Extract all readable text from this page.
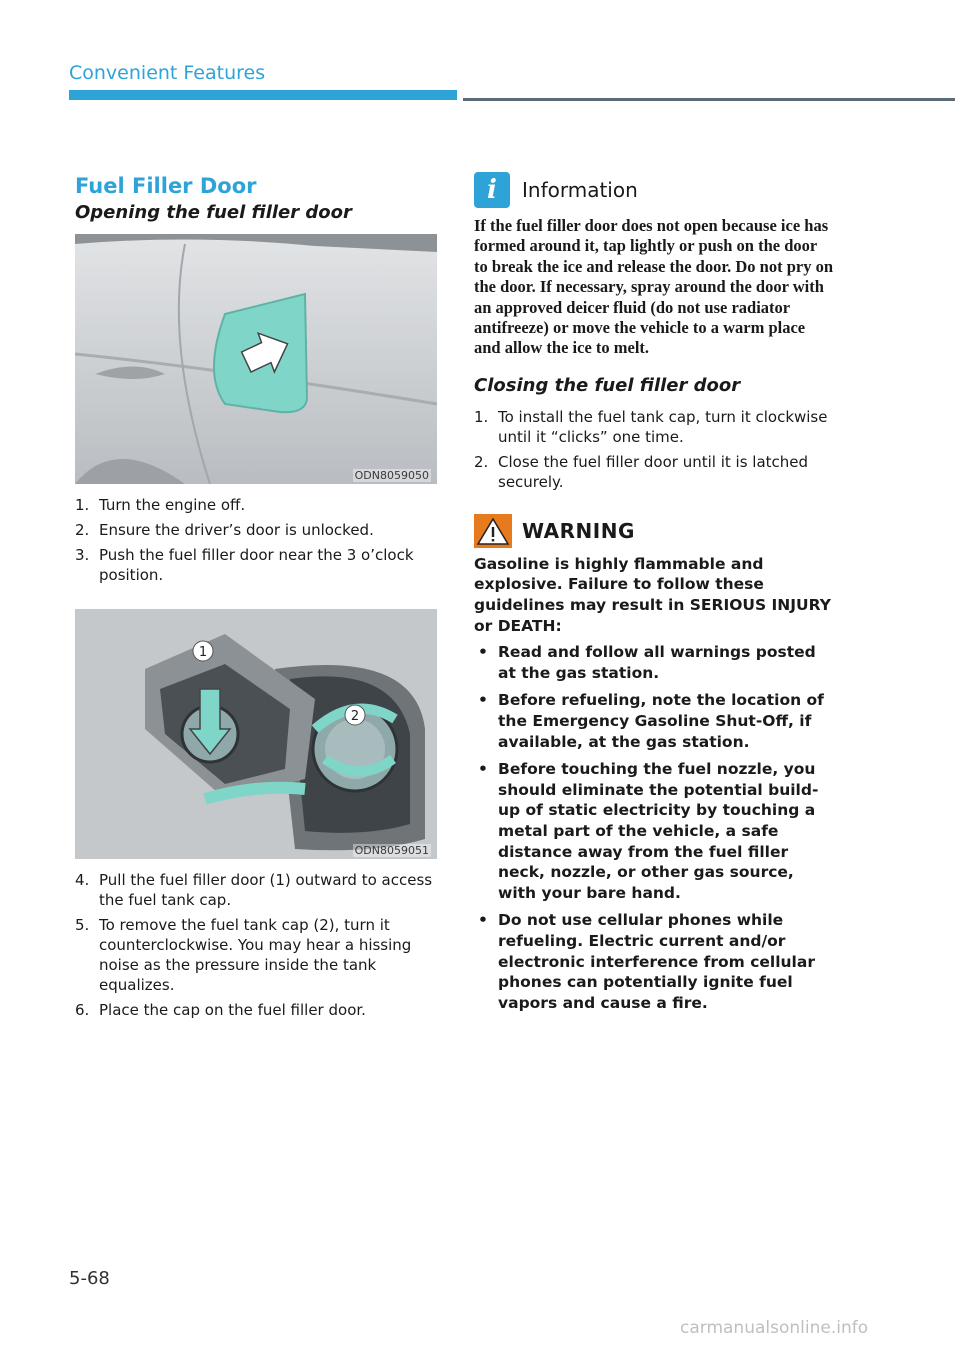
Convenient Features
Fuel Filler Door
Opening the fuel filler door
ODN8059050
1. Turn the engine off.
2. Ensure the driver’s door is unlocked.
3. Push the fuel filler door near the 3 o’clock position.
1
2
ODN8059051
4. Pull the fuel filler door (1) outward to access the fuel tank cap.
5. To remove the fuel tank cap (2), turn it counterclockwise. You may hear a hissing noise as the pressure inside the tank equalizes.
6. Place the cap on the fuel filler door.
i	Information
If the fuel filler door does not open because ice has formed around it, tap lightly or push on the door to break the ice and release the door. Do not pry on the door. If necessary, spray around the door with an approved deicer fluid (do not use radiator antifreeze) or move the vehicle to a warm place and allow the ice to melt.
Closing the fuel filler door
1. To install the fuel tank cap, turn it clockwise until it “clicks” one time.
2. Close the fuel filler door until it is latched securely.
WARNING
Gasoline is highly flammable and explosive. Failure to follow these guidelines may result in SERIOUS INJURY or DEATH:
• Read and follow all warnings posted at the gas station.
• Before refueling, note the location of the Emergency Gasoline Shut-Off, if available, at the gas station.
• Before touching the fuel nozzle, you should eliminate the potential build-up of static electricity by touching a metal part of the vehicle, a safe distance away from the fuel filler neck, nozzle, or other gas source, with your bare hand.
• Do not use cellular phones while refueling. Electric current and/or electronic interference from cellular phones can potentially ignite fuel vapors and cause a fire.
5-68
carmanualsonline.info
